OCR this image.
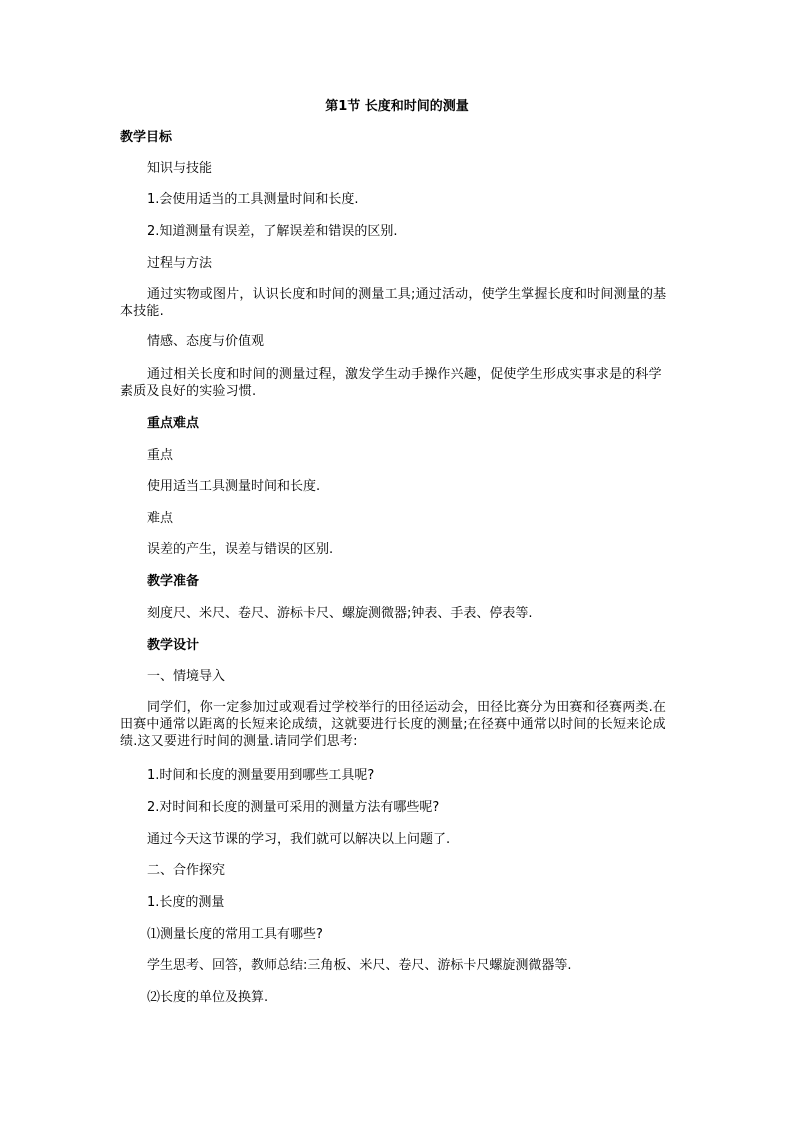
第1节 长度和时间的测量
教学目标
知识与技能
1.会使用适当的工具测量时间和长度.
2.知道测量有误差，了解误差和错误的区别.
过程与方法
通过实物或图片，认识长度和时间的测量工具;通过活动，使学生掌握长度和时间测量的基本技能.
情感、态度与价值观
通过相关长度和时间的测量过程，激发学生动手操作兴趣，促使学生形成实事求是的科学素质及良好的实验习惯.
重点难点
重点
使用适当工具测量时间和长度.
难点
误差的产生，误差与错误的区别.
教学准备
刻度尺、米尺、卷尺、游标卡尺、螺旋测微器;钟表、手表、停表等.
教学设计
一、情境导入
同学们，你一定参加过或观看过学校举行的田径运动会，田径比赛分为田赛和径赛两类.在田赛中通常以距离的长短来论成绩，这就要进行长度的测量;在径赛中通常以时间的长短来论成绩.这又要进行时间的测量.请同学们思考:
1.时间和长度的测量要用到哪些工具呢?
2.对时间和长度的测量可采用的测量方法有哪些呢?
通过今天这节课的学习，我们就可以解决以上问题了.
二、合作探究
1.长度的测量
⑴测量长度的常用工具有哪些?
学生思考、回答，教师总结:三角板、米尺、卷尺、游标卡尺螺旋测微器等.
⑵长度的单位及换算.
